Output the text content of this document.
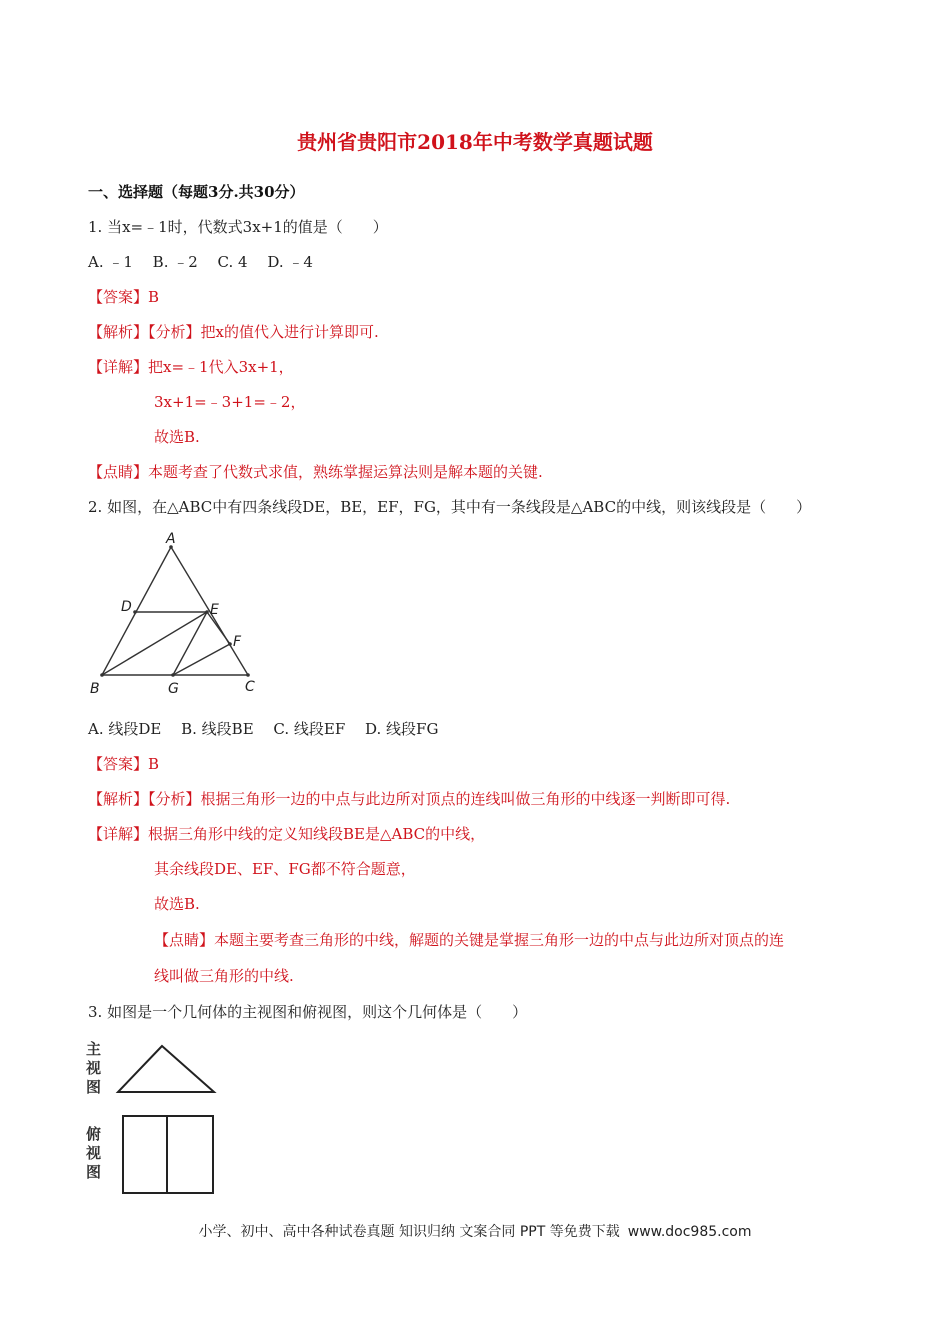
贵州省贵阳市2018年中考数学真题试题
一、选择题（每题3分.共30分）
1. 当x=﹣1时，代数式3x+1的值是（　　）
A. ﹣1　 B. ﹣2　 C. 4　 D. ﹣4
【答案】B
【解析】【分析】把x的值代入进行计算即可.
【详解】把x=﹣1代入3x+1，
3x+1=﹣3+1=﹣2，
故选B.
【点睛】本题考查了代数式求值，熟练掌握运算法则是解本题的关键.
2. 如图，在△ABC中有四条线段DE，BE，EF，FG，其中有一条线段是△ABC的中线，则该线段是（　　）
A
D	E
F
B	G	C
A. 线段DE　 B. 线段BE　 C. 线段EF　 D. 线段FG
【答案】B
【解析】【分析】根据三角形一边的中点与此边所对顶点的连线叫做三角形的中线逐一判断即可得.
【详解】根据三角形中线的定义知线段BE是△ABC的中线，
其余线段DE、EF、FG都不符合题意，
故选B.
【点睛】本题主要考查三角形的中线，解题的关键是掌握三角形一边的中点与此边所对顶点的连
线叫做三角形的中线.
3. 如图是一个几何体的主视图和俯视图，则这个几何体是（　　）
主
视
图
俯
视
图
小学、初中、高中各种试卷真题 知识归纳 文案合同 PPT 等免费下载 www.doc985.com
